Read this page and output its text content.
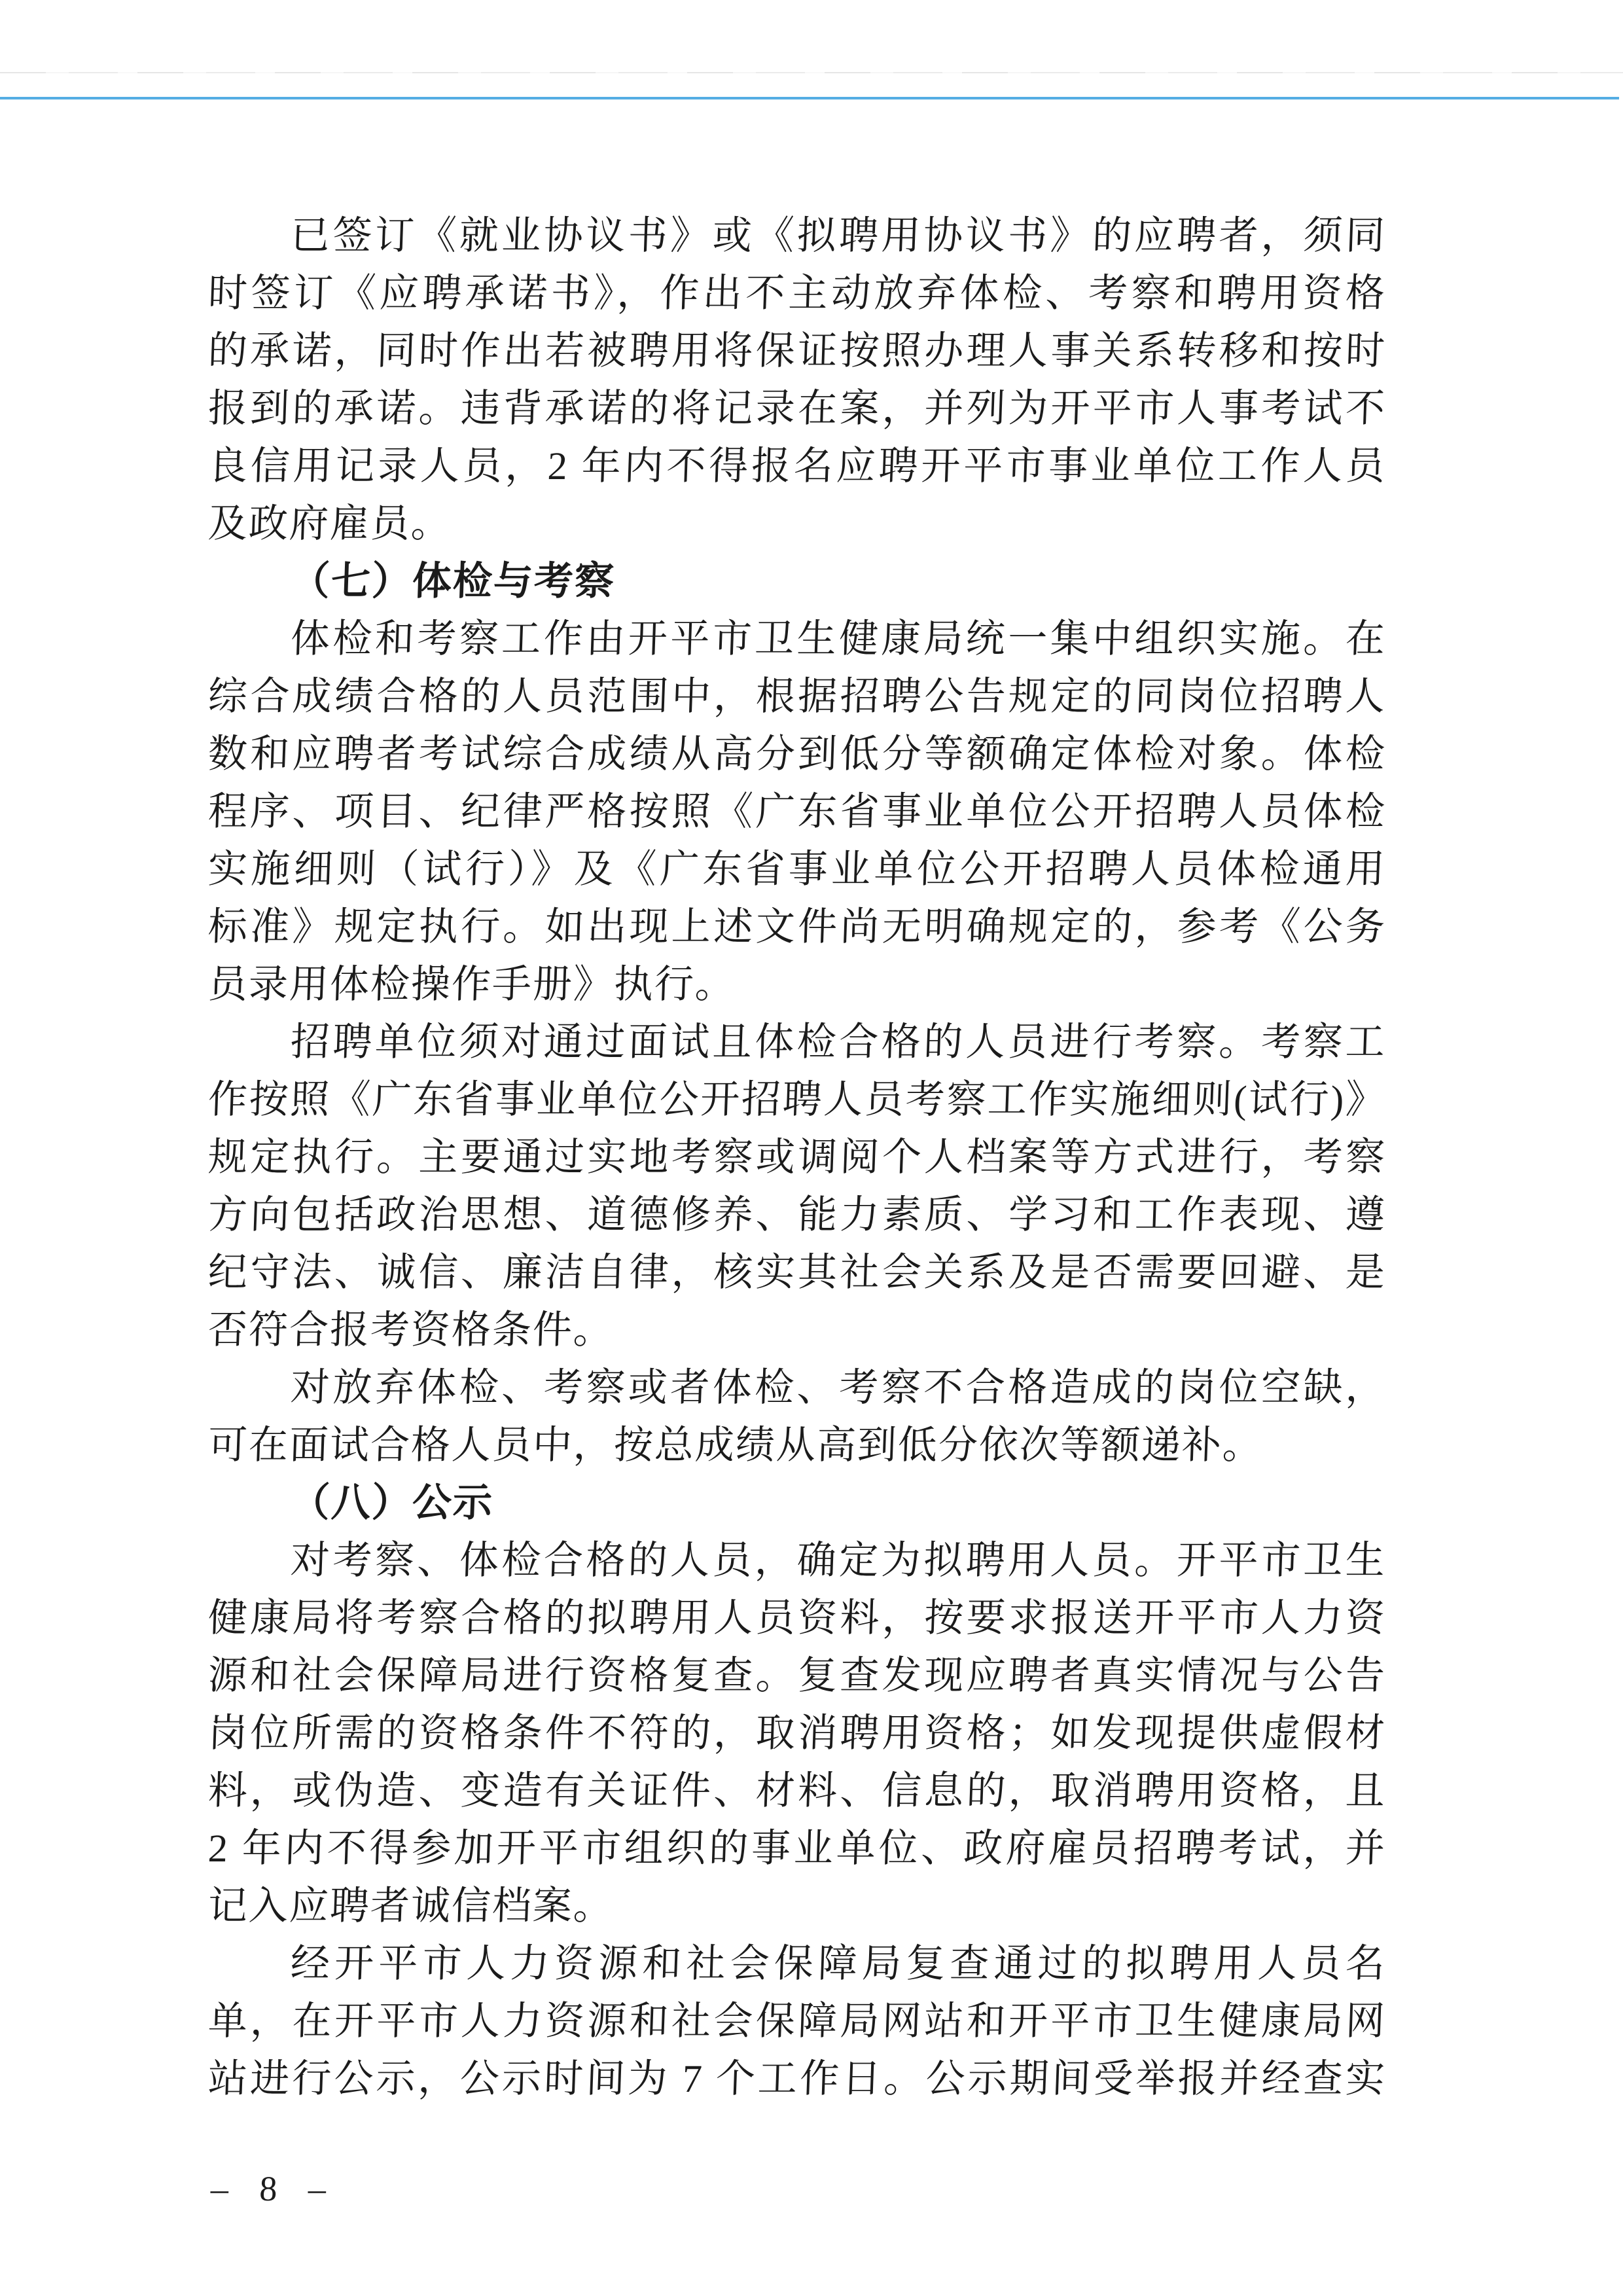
已签订《就业协议书》或《拟聘用协议书》的应聘者，须同
时签订《应聘承诺书》，作出不主动放弃体检、考察和聘用资格
的承诺，同时作出若被聘用将保证按照办理人事关系转移和按时
报到的承诺。违背承诺的将记录在案，并列为开平市人事考试不
良信用记录人员，2 年内不得报名应聘开平市事业单位工作人员
及政府雇员。
（七）体检与考察
体检和考察工作由开平市卫生健康局统一集中组织实施。在
综合成绩合格的人员范围中，根据招聘公告规定的同岗位招聘人
数和应聘者考试综合成绩从高分到低分等额确定体检对象。体检
程序、项目、纪律严格按照《广东省事业单位公开招聘人员体检
实施细则（试行）》及《广东省事业单位公开招聘人员体检通用
标准》规定执行。如出现上述文件尚无明确规定的，参考《公务
员录用体检操作手册》执行。
招聘单位须对通过面试且体检合格的人员进行考察。考察工
作按照《广东省事业单位公开招聘人员考察工作实施细则(试行)》
规定执行。主要通过实地考察或调阅个人档案等方式进行，考察
方向包括政治思想、道德修养、能力素质、学习和工作表现、遵
纪守法、诚信、廉洁自律，核实其社会关系及是否需要回避、是
否符合报考资格条件。
对放弃体检、考察或者体检、考察不合格造成的岗位空缺，
可在面试合格人员中，按总成绩从高到低分依次等额递补。
（八）公示
对考察、体检合格的人员，确定为拟聘用人员。开平市卫生
健康局将考察合格的拟聘用人员资料，按要求报送开平市人力资
源和社会保障局进行资格复查。复查发现应聘者真实情况与公告
岗位所需的资格条件不符的，取消聘用资格；如发现提供虚假材
料，或伪造、变造有关证件、材料、信息的，取消聘用资格，且
2 年内不得参加开平市组织的事业单位、政府雇员招聘考试，并
记入应聘者诚信档案。
经开平市人力资源和社会保障局复查通过的拟聘用人员名
单，在开平市人力资源和社会保障局网站和开平市卫生健康局网
站进行公示，公示时间为 7 个工作日。公示期间受举报并经查实
– 8 –
